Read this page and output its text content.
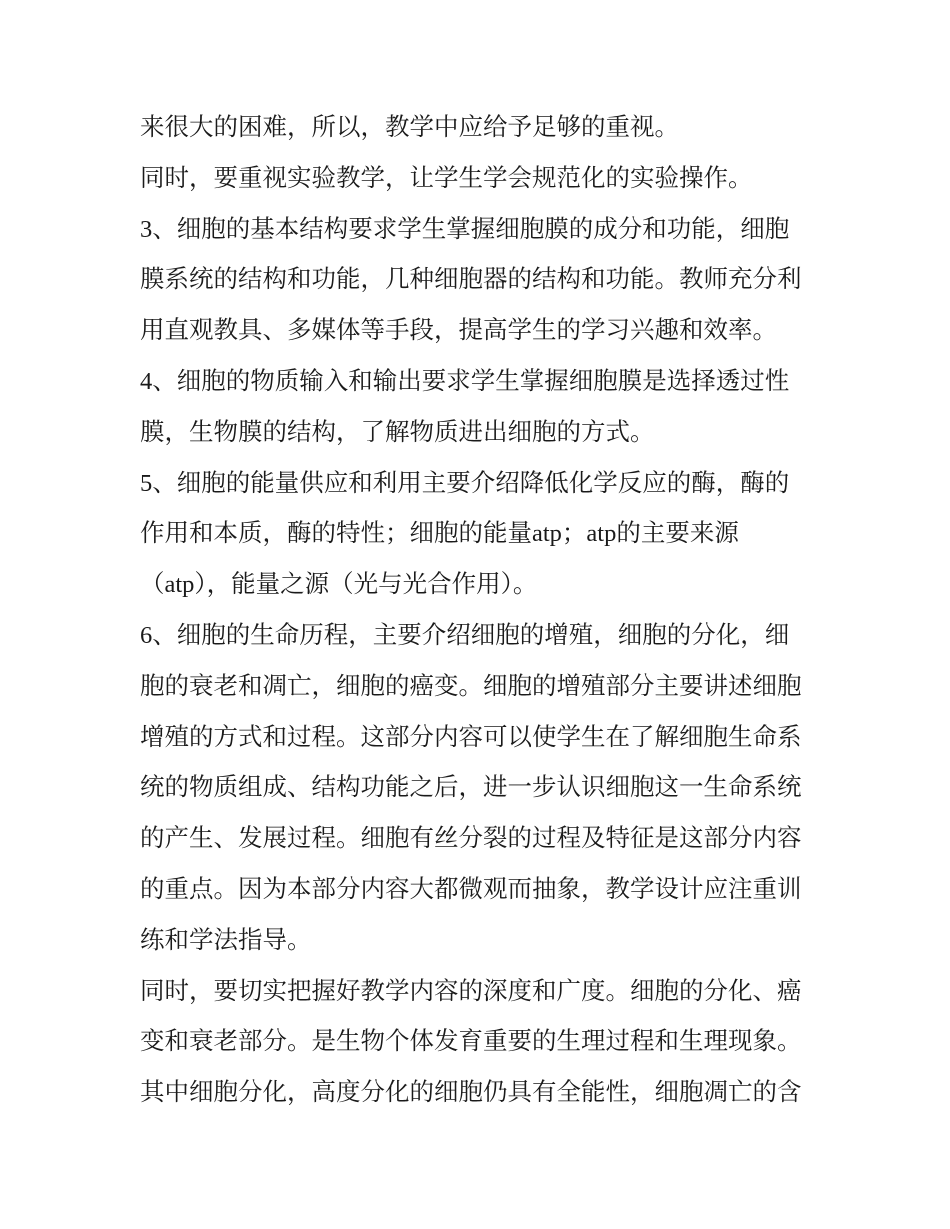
来很大的困难，所以，教学中应给予足够的重视。
同时，要重视实验教学，让学生学会规范化的实验操作。
3、细胞的基本结构要求学生掌握细胞膜的成分和功能，细胞
膜系统的结构和功能，几种细胞器的结构和功能。教师充分利
用直观教具、多媒体等手段，提高学生的学习兴趣和效率。
4、细胞的物质输入和输出要求学生掌握细胞膜是选择透过性
膜，生物膜的结构，了解物质进出细胞的方式。
5、细胞的能量供应和利用主要介绍降低化学反应的酶，酶的
作用和本质，酶的特性；细胞的能量atp；atp的主要来源
（atp），能量之源（光与光合作用）。
6、细胞的生命历程，主要介绍细胞的增殖，细胞的分化，细
胞的衰老和凋亡，细胞的癌变。细胞的增殖部分主要讲述细胞
增殖的方式和过程。这部分内容可以使学生在了解细胞生命系
统的物质组成、结构功能之后，进一步认识细胞这一生命系统
的产生、发展过程。细胞有丝分裂的过程及特征是这部分内容
的重点。因为本部分内容大都微观而抽象，教学设计应注重训
练和学法指导。
同时，要切实把握好教学内容的深度和广度。细胞的分化、癌
变和衰老部分。是生物个体发育重要的生理过程和生理现象。
其中细胞分化，高度分化的细胞仍具有全能性，细胞凋亡的含
